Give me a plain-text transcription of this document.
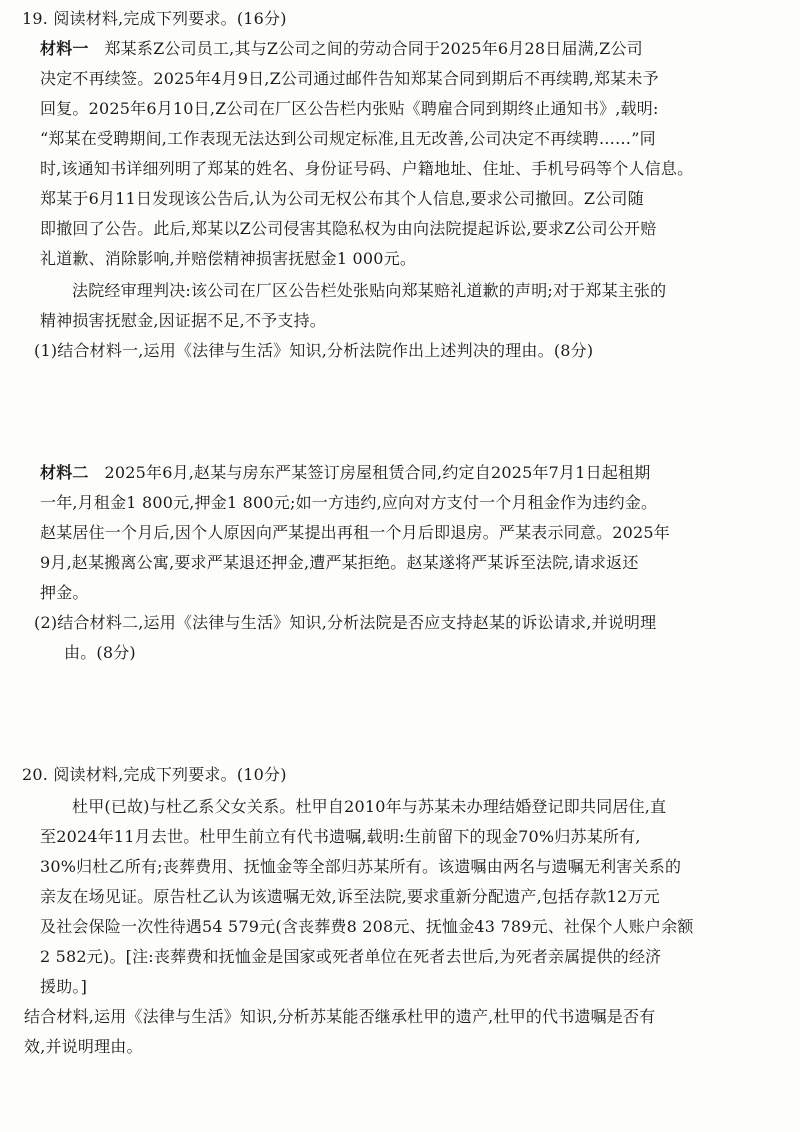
19. 阅读材料,完成下列要求。(16分)
材料一 郑某系Z公司员工,其与Z公司之间的劳动合同于2025年6月28日届满,Z公司
决定不再续签。2025年4月9日,Z公司通过邮件告知郑某合同到期后不再续聘,郑某未予
回复。2025年6月10日,Z公司在厂区公告栏内张贴《聘雇合同到期终止通知书》,载明:
“郑某在受聘期间,工作表现无法达到公司规定标准,且无改善,公司决定不再续聘……”同
时,该通知书详细列明了郑某的姓名、身份证号码、户籍地址、住址、手机号码等个人信息。
郑某于6月11日发现该公告后,认为公司无权公布其个人信息,要求公司撤回。Z公司随
即撤回了公告。此后,郑某以Z公司侵害其隐私权为由向法院提起诉讼,要求Z公司公开赔
礼道歉、消除影响,并赔偿精神损害抚慰金1 000元。
法院经审理判决:该公司在厂区公告栏处张贴向郑某赔礼道歉的声明;对于郑某主张的
精神损害抚慰金,因证据不足,不予支持。
(1)结合材料一,运用《法律与生活》知识,分析法院作出上述判决的理由。(8分)
材料二 2025年6月,赵某与房东严某签订房屋租赁合同,约定自2025年7月1日起租期
一年,月租金1 800元,押金1 800元;如一方违约,应向对方支付一个月租金作为违约金。
赵某居住一个月后,因个人原因向严某提出再租一个月后即退房。严某表示同意。2025年
9月,赵某搬离公寓,要求严某退还押金,遭严某拒绝。赵某遂将严某诉至法院,请求返还
押金。
(2)结合材料二,运用《法律与生活》知识,分析法院是否应支持赵某的诉讼请求,并说明理
由。(8分)
20. 阅读材料,完成下列要求。(10分)
杜甲(已故)与杜乙系父女关系。杜甲自2010年与苏某未办理结婚登记即共同居住,直
至2024年11月去世。杜甲生前立有代书遗嘱,载明:生前留下的现金70%归苏某所有,
30%归杜乙所有;丧葬费用、抚恤金等全部归苏某所有。该遗嘱由两名与遗嘱无利害关系的
亲友在场见证。原告杜乙认为该遗嘱无效,诉至法院,要求重新分配遗产,包括存款12万元
及社会保险一次性待遇54 579元(含丧葬费8 208元、抚恤金43 789元、社保个人账户余额
2 582元)。[注:丧葬费和抚恤金是国家或死者单位在死者去世后,为死者亲属提供的经济
援助。]
结合材料,运用《法律与生活》知识,分析苏某能否继承杜甲的遗产,杜甲的代书遗嘱是否有
效,并说明理由。
